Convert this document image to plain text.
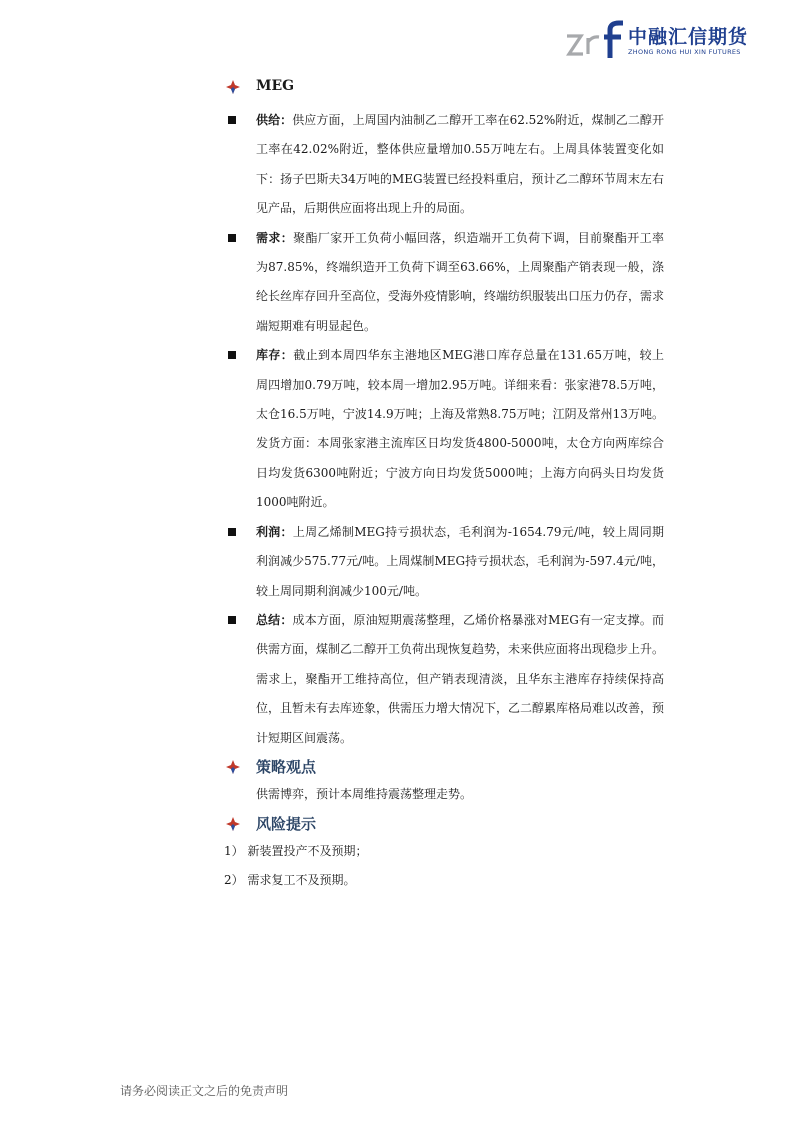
中融汇信期货
ZHONG RONG HUI XIN FUTURES
MEG
供给：供应方面，上周国内油制乙二醇开工率在62.52%附近，煤制乙二醇开工率在42.02%附近，整体供应量增加0.55万吨左右。上周具体装置变化如下：扬子巴斯夫34万吨的MEG装置已经投料重启，预计乙二醇环节周末左右见产品，后期供应面将出现上升的局面。
需求：聚酯厂家开工负荷小幅回落，织造端开工负荷下调，目前聚酯开工率为87.85%，终端织造开工负荷下调至63.66%，上周聚酯产销表现一般，涤纶长丝库存回升至高位，受海外疫情影响，终端纺织服装出口压力仍存，需求端短期难有明显起色。
库存：截止到本周四华东主港地区MEG港口库存总量在131.65万吨，较上周四增加0.79万吨，较本周一增加2.95万吨。详细来看：张家港78.5万吨，太仓16.5万吨，宁波14.9万吨；上海及常熟8.75万吨；江阴及常州13万吨。发货方面：本周张家港主流库区日均发货4800-5000吨，太仓方向两库综合日均发货6300吨附近；宁波方向日均发货5000吨；上海方向码头日均发货1000吨附近。
利润：上周乙烯制MEG持亏损状态，毛利润为-1654.79元/吨，较上周同期利润减少575.77元/吨。上周煤制MEG持亏损状态，毛利润为-597.4元/吨，较上周同期利润减少100元/吨。
总结：成本方面，原油短期震荡整理，乙烯价格暴涨对MEG有一定支撑。而供需方面，煤制乙二醇开工负荷出现恢复趋势，未来供应面将出现稳步上升。需求上，聚酯开工维持高位，但产销表现清淡，且华东主港库存持续保持高位，且暂未有去库迹象，供需压力增大情况下，乙二醇累库格局难以改善，预计短期区间震荡。
策略观点
供需博弈，预计本周维持震荡整理走势。
风险提示
1） 新装置投产不及预期；
2） 需求复工不及预期。
请务必阅读正文之后的免责声明
